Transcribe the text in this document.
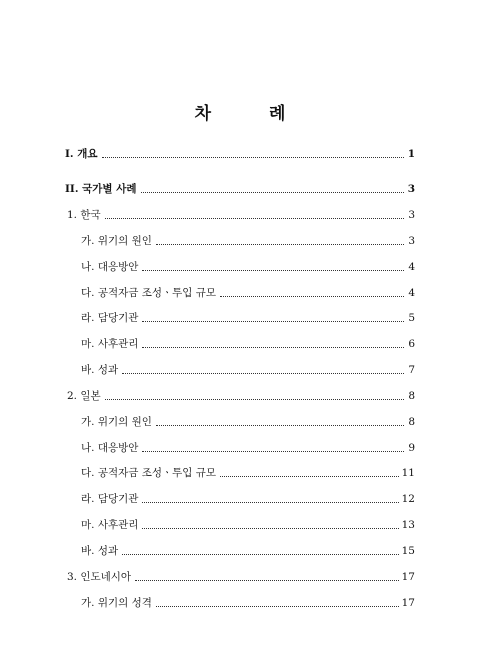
차 례
I. 개요	1
II. 국가별 사례	3
1. 한국	3
가. 위기의 원인	3
나. 대응방안	4
다. 공적자금 조성ㆍ투입 규모	4
라. 담당기관	5
마. 사후관리	6
바. 성과	7
2. 일본	8
가. 위기의 원인	8
나. 대응방안	9
다. 공적자금 조성ㆍ투입 규모	11
라. 담당기관	12
마. 사후관리	13
바. 성과	15
3. 인도네시아	17
가. 위기의 성격	17
